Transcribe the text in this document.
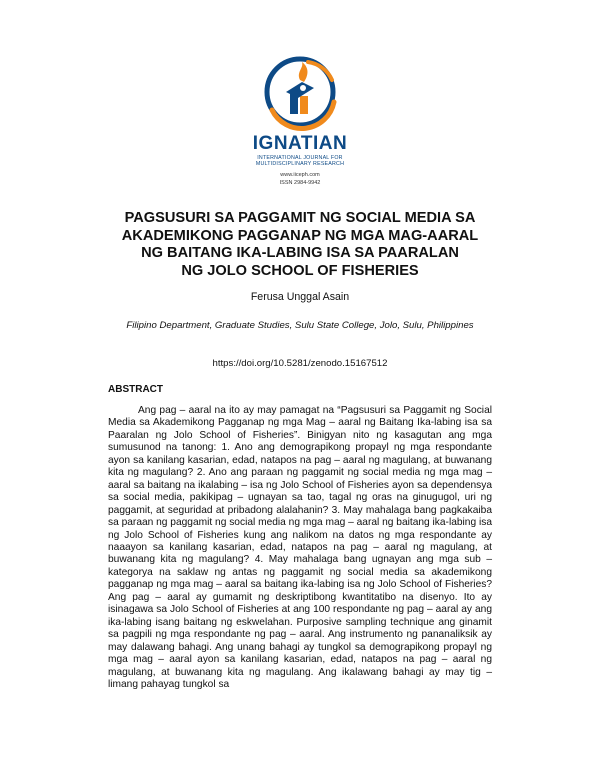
IGNATIAN
INTERNATIONAL JOURNAL FOR
MULTIDISCIPLINARY RESEARCH
www.iiceph.com
ISSN 2984-9942
PAGSUSURI SA PAGGAMIT NG SOCIAL MEDIA SA
AKADEMIKONG PAGGANAP NG MGA MAG-AARAL
NG BAITANG IKA-LABING ISA SA PAARALAN
NG JOLO SCHOOL OF FISHERIES
Ferusa Unggal Asain
Filipino Department, Graduate Studies, Sulu State College, Jolo, Sulu, Philippines
https://doi.org/10.5281/zenodo.15167512
ABSTRACT

Ang pag – aaral na ito ay may pamagat na “Pagsusuri sa Paggamit ng Social Media sa Akademikong Pagganap ng mga Mag – aaral ng Baitang Ika-labing isa sa Paaralan ng Jolo School of Fisheries”. Binigyan nito ng kasagutan ang mga sumusunod na tanong: 1. Ano ang demograpikong propayl ng mga respondante ayon sa kanilang kasarian, edad, natapos na pag – aaral ng magulang, at buwanang kita ng magulang? 2. Ano ang paraan ng paggamit ng social media ng mga mag – aaral sa baitang na ikalabing – isa ng Jolo School of Fisheries ayon sa dependensya sa social media, pakikipag – ugnayan sa tao, tagal ng oras na ginugugol, uri ng paggamit, at seguridad at pribadong alalahanin? 3. May mahalaga bang pagkakaiba sa paraan ng paggamit ng social media ng mga mag – aaral ng baitang ika-labing isa ng Jolo School of Fisheries kung ang nalikom na datos ng mga respondante ay naaayon sa kanilang kasarian, edad, natapos na pag – aaral ng magulang, at buwanang kita ng magulang? 4. May mahalaga bang ugnayan ang mga sub – kategorya na saklaw ng antas ng paggamit ng social media sa akademikong pagganap ng mga mag – aaral sa baitang ika-labing isa ng Jolo School of Fisheries? Ang pag – aaral ay gumamit ng deskriptibong kwantitatibo na disenyo. Ito ay isinagawa sa Jolo School of Fisheries at ang 100 respondante ng pag – aaral ay ang ika-labing isang baitang ng eskwelahan. Purposive sampling technique ang ginamit sa pagpili ng mga respondante ng pag – aaral. Ang instrumento ng pananaliksik ay may dalawang bahagi. Ang unang bahagi ay tungkol sa demograpikong propayl ng mga mag – aaral ayon sa kanilang kasarian, edad, natapos na pag – aaral ng magulang, at buwanang kita ng magulang. Ang ikalawang bahagi ay may tig – limang pahayag tungkol sa
